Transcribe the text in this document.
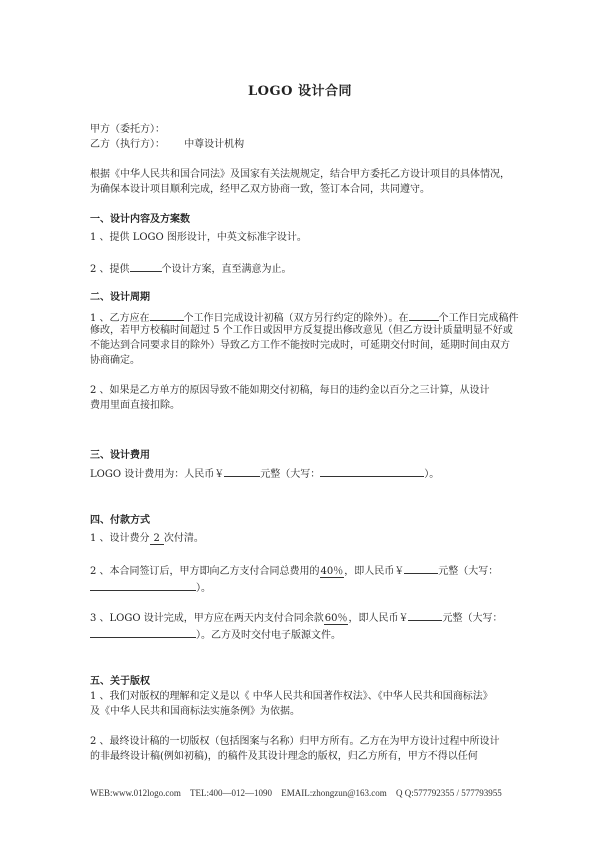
LOGO 设计合同
甲方（委托方）：
乙方（执行方）： 中尊设计机构
根据《中华人民共和国合同法》及国家有关法规规定，结合甲方委托乙方设计项目的具体情况，
为确保本设计项目顺利完成，经甲乙双方协商一致，签订本合同，共同遵守。
一、设计内容及方案数
1 、提供 LOGO 图形设计，中英文标准字设计。
2 、提供	个设计方案，直至满意为止。
二、设计周期
1 、乙方应在	个工作日完成设计初稿（双方另行约定的除外）。在	个工作日完成稿件
修改，若甲方校稿时间超过 5 个工作日或因甲方反复提出修改意见（但乙方设计质量明显不好或
不能达到合同要求目的除外）导致乙方工作不能按时完成时，可延期交付时间，延期时间由双方
协商确定。
2 、如果是乙方单方的原因导致不能如期交付初稿，每日的违约金以百分之三计算，从设计
费用里面直接扣除。
三、设计费用
LOGO 设计费用为：人民币￥	元整（大写：	）。
四、付款方式
1 、设计费分 2 次付清。
2 、本合同签订后，甲方即向乙方支付合同总费用的40％，即人民币￥	元整（大写：
）。
3 、LOGO 设计完成，甲方应在两天内支付合同余款60％，即人民币￥	元整（大写：
）。乙方及时交付电子版源文件。
五、关于版权
1 、我们对版权的理解和定义是以《 中华人民共和国著作权法》、《中华人民共和国商标法》
及《中华人民共和国商标法实施条例》为依据。
2 、最终设计稿的一切版权（包括图案与名称）归甲方所有。乙方在为甲方设计过程中所设计
的非最终设计稿(例如初稿)，的稿件及其设计理念的版权，归乙方所有，甲方不得以任何
WEB:www.012logo.com TEL:400—012—1090 EMAIL:zhongzun@163.com Q Q:577792355 / 577793955
